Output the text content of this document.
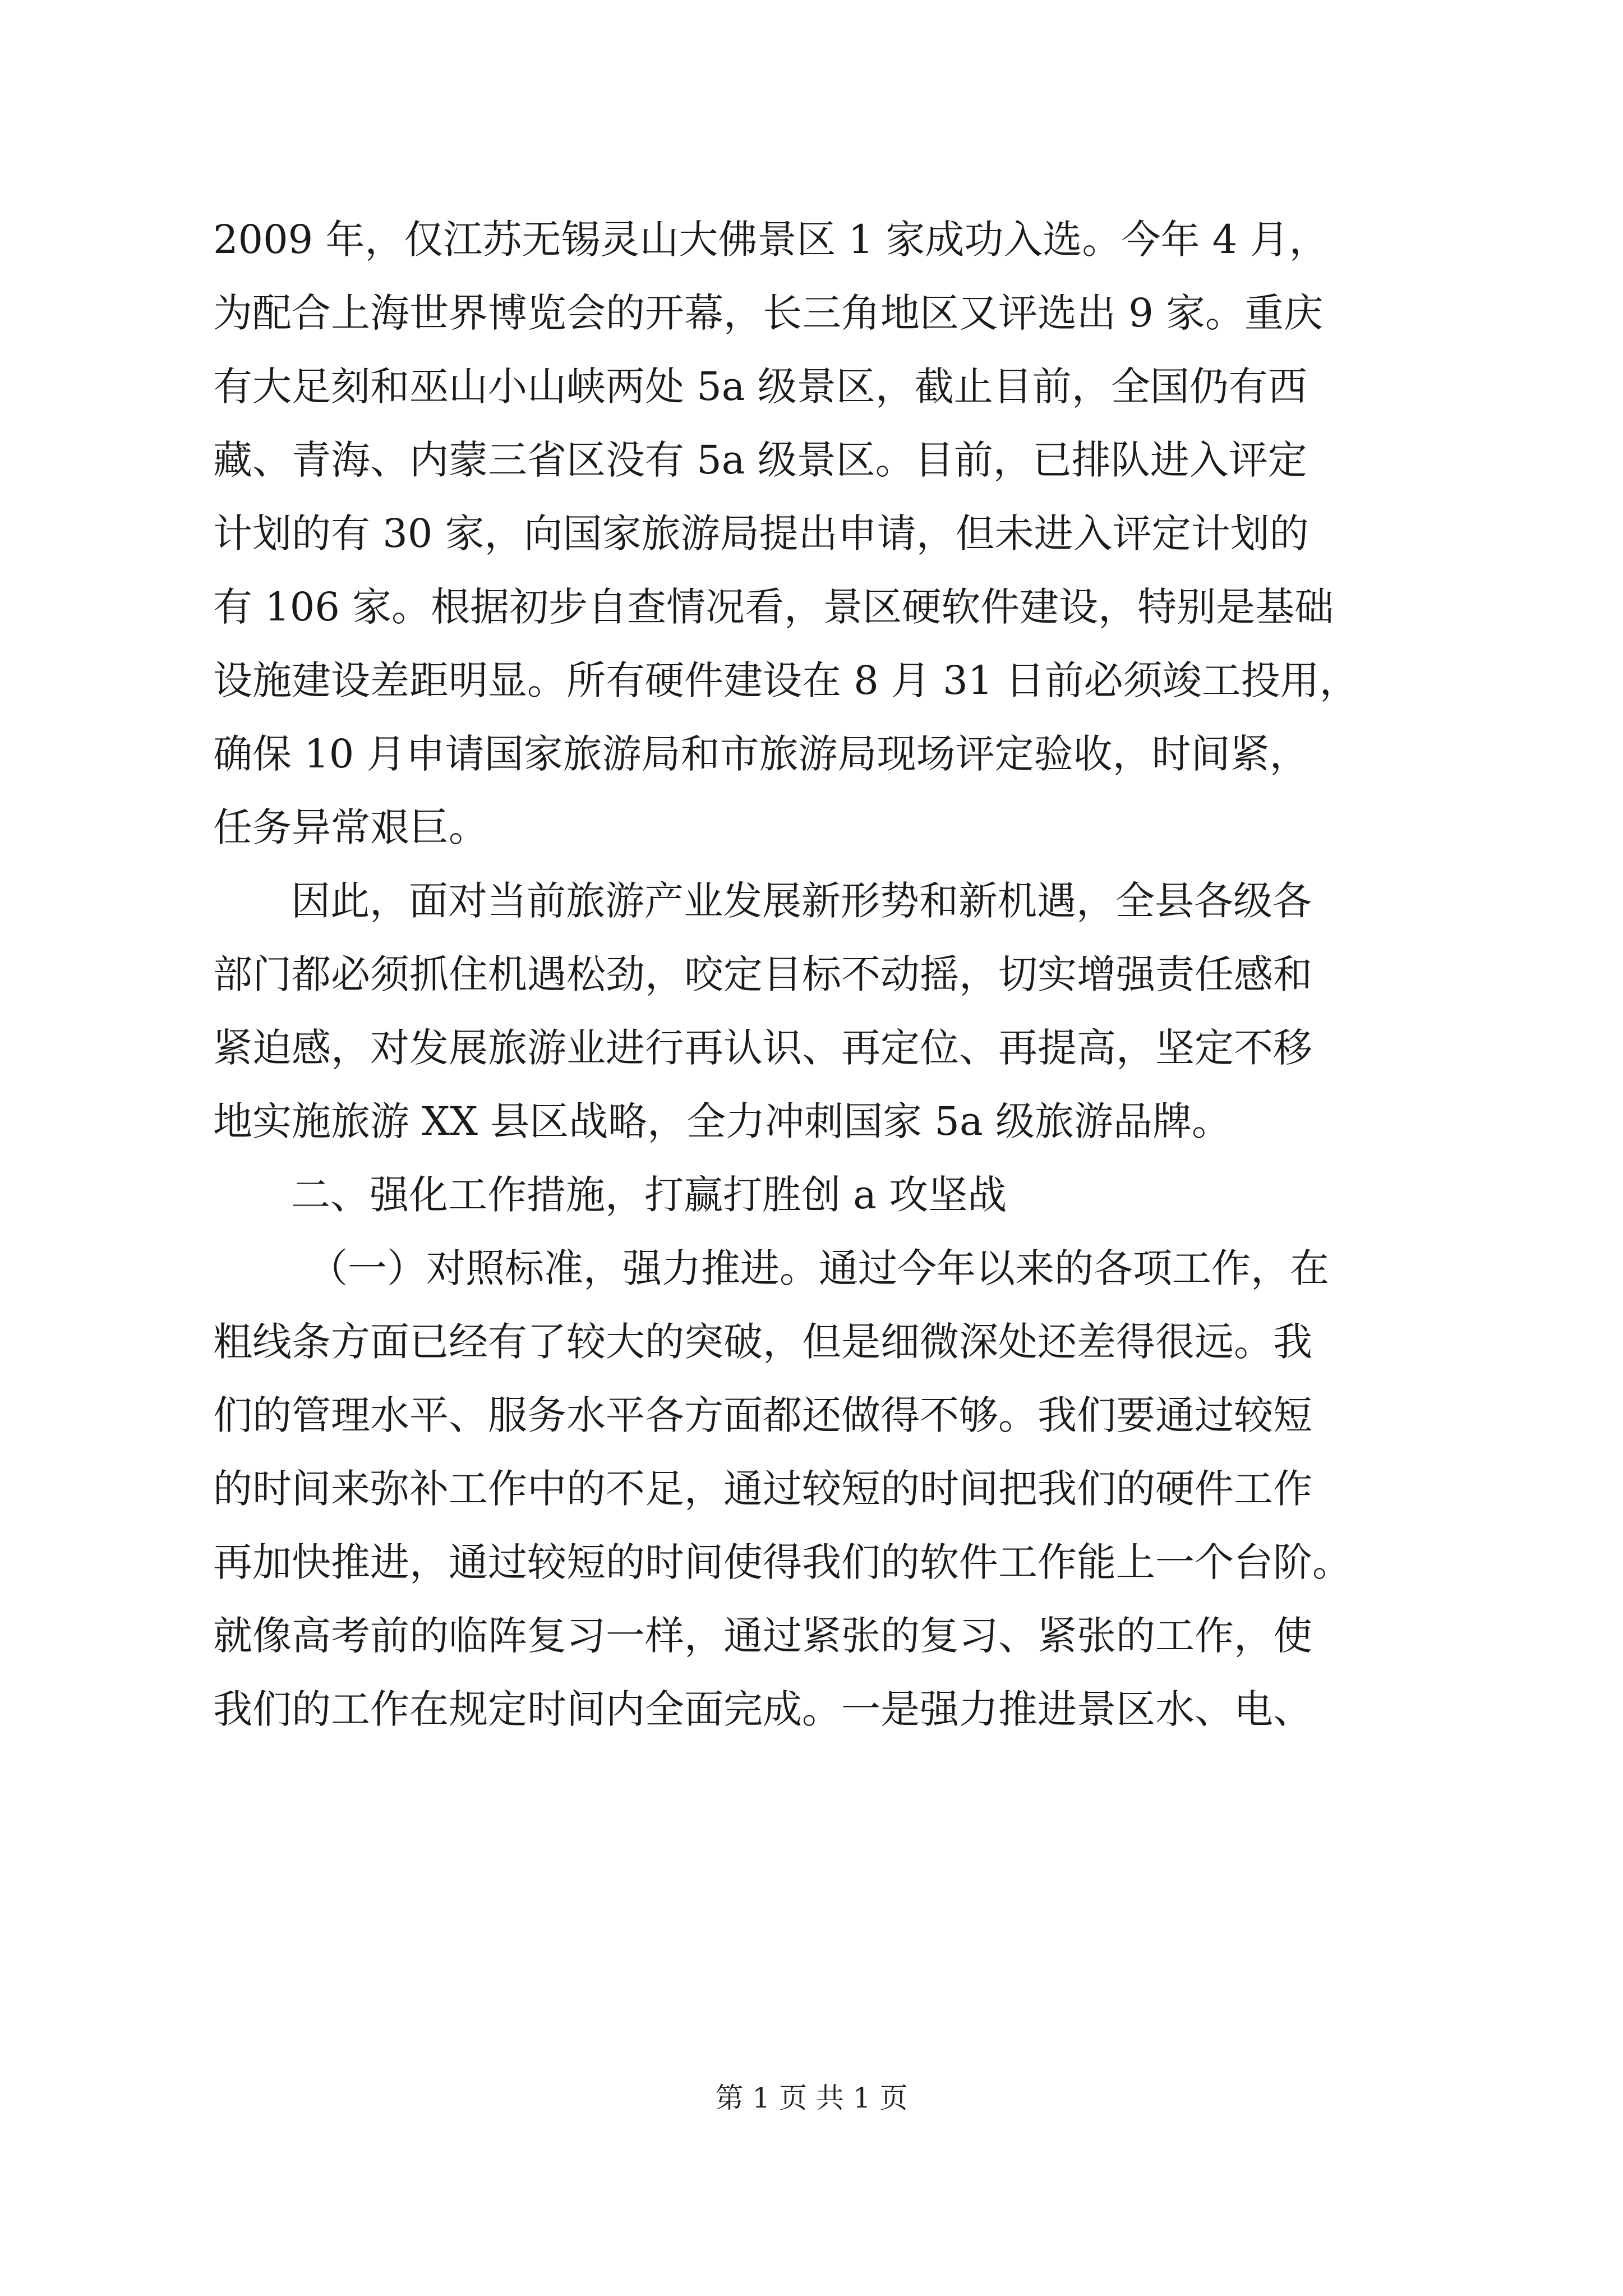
2009 年，仅江苏无锡灵山大佛景区 1 家成功入选。今年 4 月，
为配合上海世界博览会的开幕，长三角地区又评选出 9 家。重庆
有大足刻和巫山小山峡两处 5a 级景区，截止目前，全国仍有西
藏、青海、内蒙三省区没有 5a 级景区。目前，已排队进入评定
计划的有 30 家，向国家旅游局提出申请，但未进入评定计划的
有 106 家。根据初步自查情况看，景区硬软件建设，特别是基础
设施建设差距明显。所有硬件建设在 8 月 31 日前必须竣工投用，
确保 10 月申请国家旅游局和市旅游局现场评定验收，时间紧，
任务异常艰巨。
因此，面对当前旅游产业发展新形势和新机遇，全县各级各
部门都必须抓住机遇松劲，咬定目标不动摇，切实增强责任感和
紧迫感，对发展旅游业进行再认识、再定位、再提高，坚定不移
地实施旅游 XX 县区战略，全力冲刺国家 5a 级旅游品牌。
二、强化工作措施，打赢打胜创 a 攻坚战
（一）对照标准，强力推进。通过今年以来的各项工作，在
粗线条方面已经有了较大的突破，但是细微深处还差得很远。我
们的管理水平、服务水平各方面都还做得不够。我们要通过较短
的时间来弥补工作中的不足，通过较短的时间把我们的硬件工作
再加快推进，通过较短的时间使得我们的软件工作能上一个台阶。
就像高考前的临阵复习一样，通过紧张的复习、紧张的工作，使
我们的工作在规定时间内全面完成。一是强力推进景区水、电、
第 1 页 共 1 页
